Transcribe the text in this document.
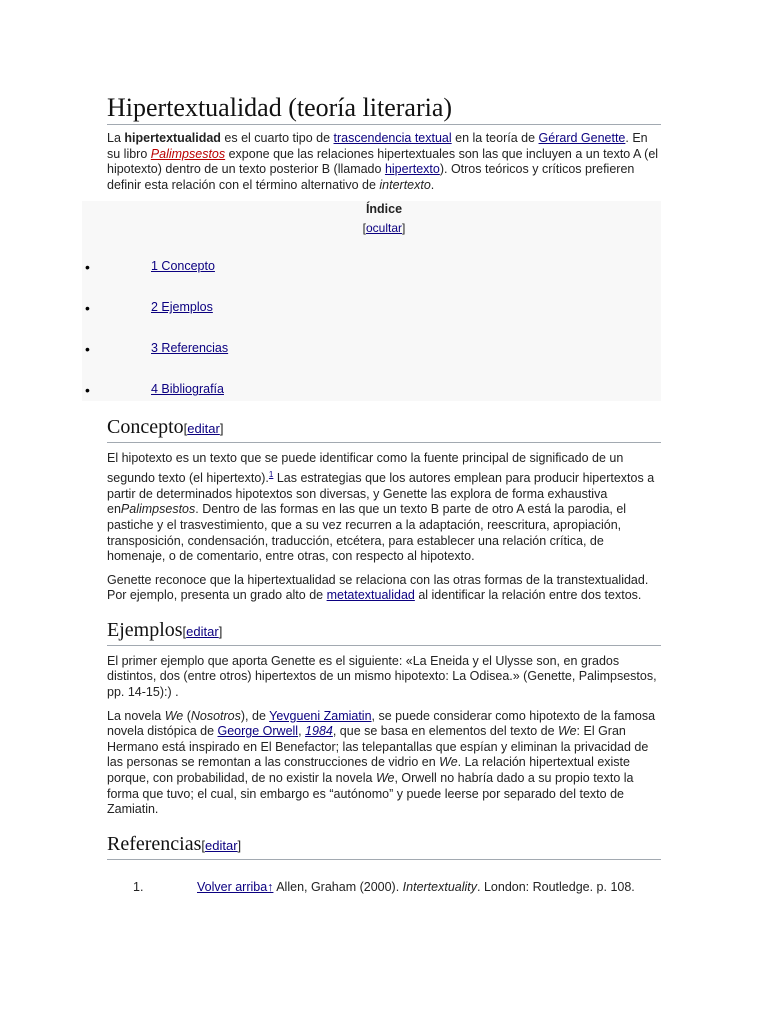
Hipertextualidad (teoría literaria)

La hipertextualidad es el cuarto tipo de trascendencia textual en la teoría de Gérard Genette. En su libro Palimpsestos expone que las relaciones hipertextuales son las que incluyen a un texto A (el hipotexto) dentro de un texto posterior B (llamado hipertexto). Otros teóricos y críticos prefieren definir esta relación con el término alternativo de intertexto.

Índice
[ocultar]
•	1 Concepto
•	2 Ejemplos
•	3 Referencias
•	4 Bibliografía
Concepto[editar]

El hipotexto es un texto que se puede identificar como la fuente principal de significado de un segundo texto (el hipertexto).$^1$ Las estrategias que los autores emplean para producir hipertextos a partir de determinados hipotextos son diversas, y Genette las explora de forma exhaustiva enPalimpsestos. Dentro de las formas en las que un texto B parte de otro A está la parodia, el pastiche y el trasvestimiento, que a su vez recurren a la adaptación, reescritura, apropiación, transposición, condensación, traducción, etcétera, para establecer una relación crítica, de homenaje, o de comentario, entre otras, con respecto al hipotexto.

Genette reconoce que la hipertextualidad se relaciona con las otras formas de la transtextualidad. Por ejemplo, presenta un grado alto de metatextualidad al identificar la relación entre dos textos.

Ejemplos[editar]

El primer ejemplo que aporta Genette es el siguiente: «La Eneida y el Ulysse son, en grados distintos, dos (entre otros) hipertextos de un mismo hipotexto: La Odisea.» (Genette, Palimpsestos, pp. 14-15):) .

La novela We (Nosotros), de Yevgueni Zamiatin, se puede considerar como hipotexto de la famosa novela distópica de George Orwell, 1984, que se basa en elementos del texto de We: El Gran Hermano está inspirado en El Benefactor; las telepantallas que espían y eliminan la privacidad de las personas se remontan a las construcciones de vidrio en We. La relación hipertextual existe porque, con probabilidad, de no existir la novela We, Orwell no habría dado a su propio texto la forma que tuvo; el cual, sin embargo es “autónomo” y puede leerse por separado del texto de Zamiatin.

Referencias[editar]
1.	Volver arriba↑ Allen, Graham (2000). Intertextuality. London: Routledge. p. 108.
